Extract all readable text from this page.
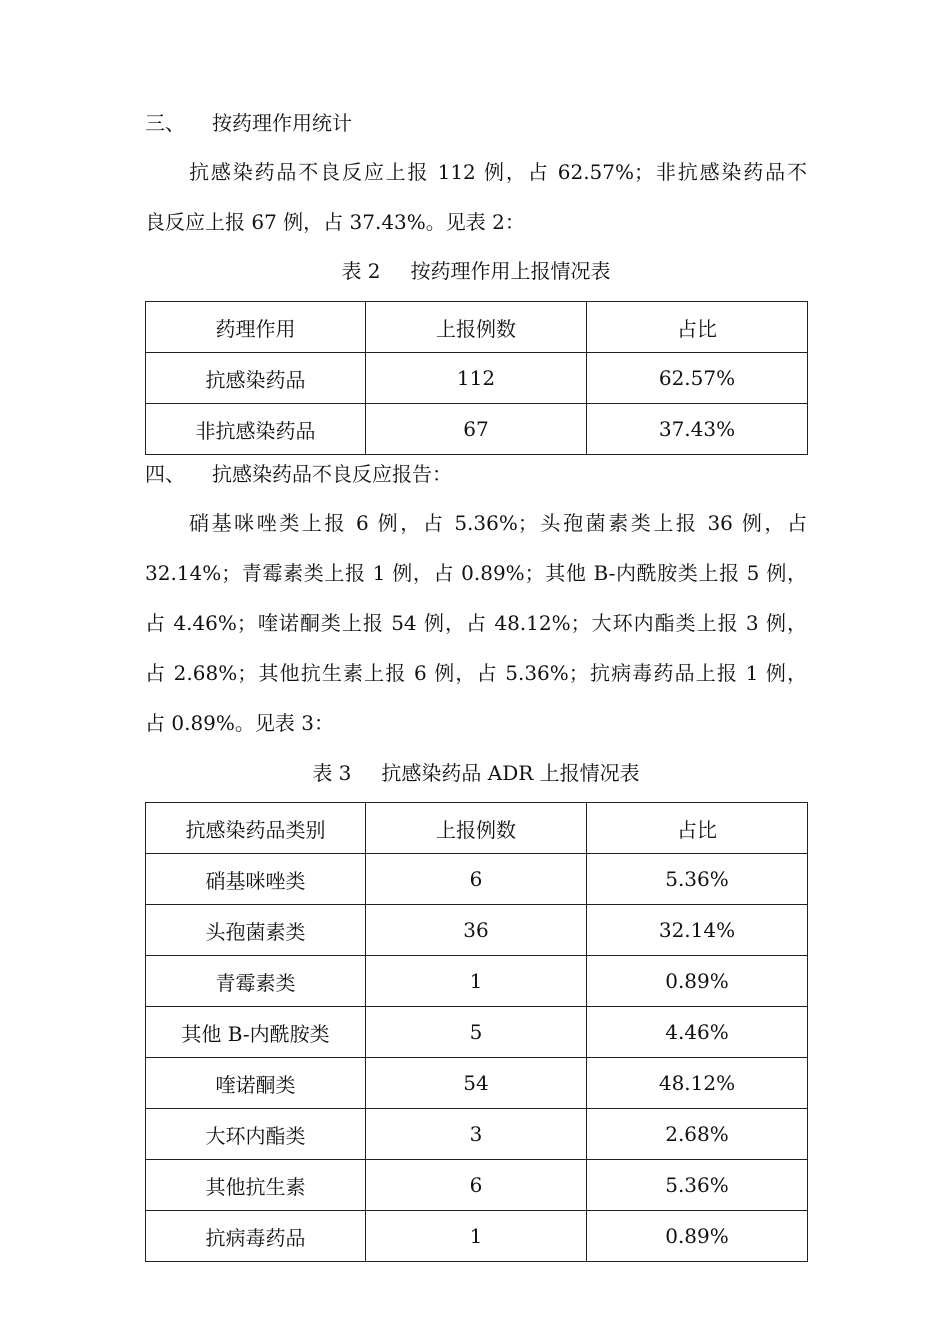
三、 按药理作用统计
抗感染药品不良反应上报 112 例，占 62.57%；非抗感染药品不
良反应上报 67 例，占 37.43%。见表 2：
表 2 按药理作用上报情况表
药理作用	上报例数	占比
抗感染药品	112	62.57%
非抗感染药品	67	37.43%
四、 抗感染药品不良反应报告：
硝基咪唑类上报 6 例，占 5.36%；头孢菌素类上报 36 例，占
32.14%；青霉素类上报 1 例，占 0.89%；其他 B-内酰胺类上报 5 例，
占 4.46%；喹诺酮类上报 54 例，占 48.12%；大环内酯类上报 3 例，
占 2.68%；其他抗生素上报 6 例，占 5.36%；抗病毒药品上报 1 例，
占 0.89%。见表 3：
表 3 抗感染药品 ADR 上报情况表
抗感染药品类别	上报例数	占比
硝基咪唑类	6	5.36%
头孢菌素类	36	32.14%
青霉素类	1	0.89%
其他 B-内酰胺类	5	4.46%
喹诺酮类	54	48.12%
大环内酯类	3	2.68%
其他抗生素	6	5.36%
抗病毒药品	1	0.89%
